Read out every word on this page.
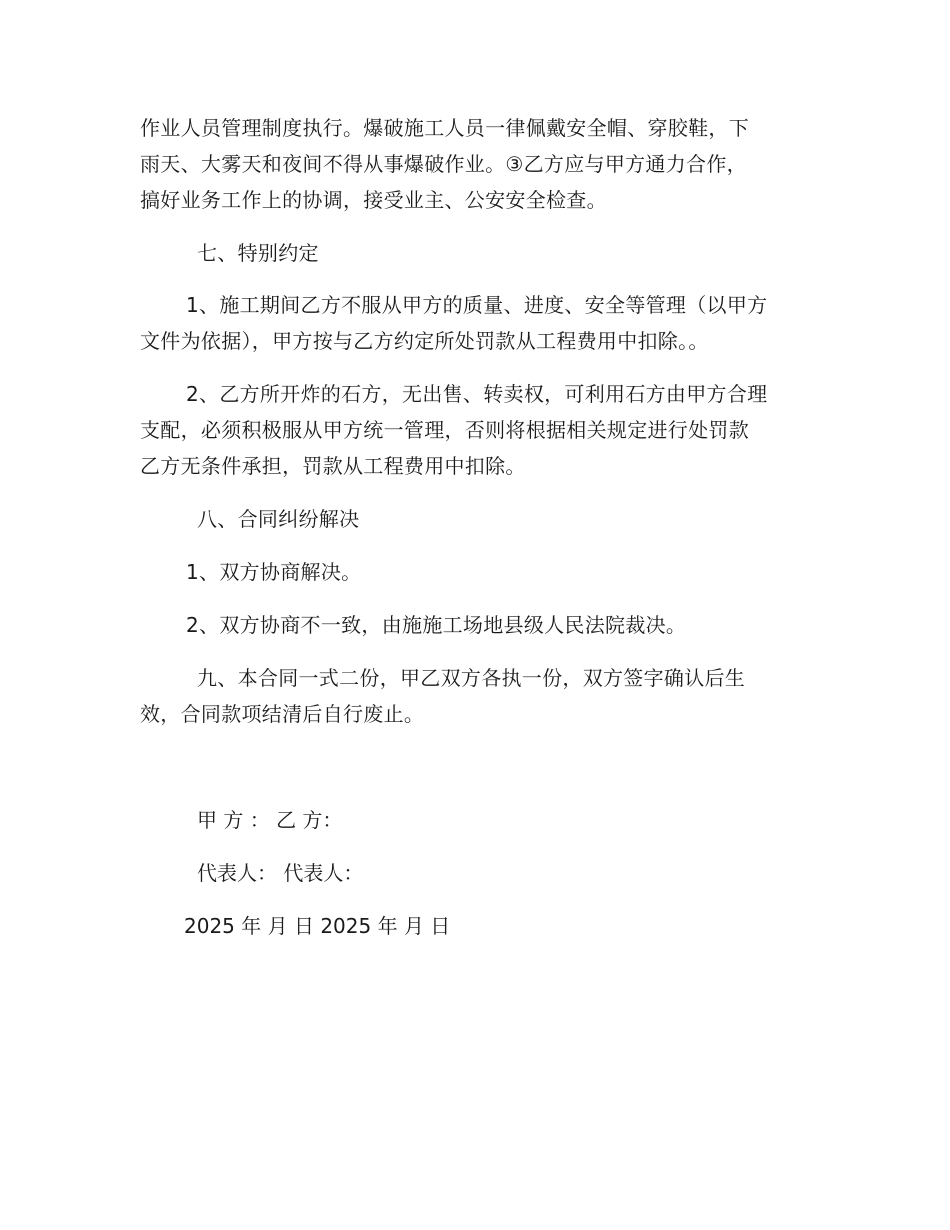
作业人员管理制度执行。爆破施工人员一律佩戴安全帽、穿胶鞋，下
雨天、大雾天和夜间不得从事爆破作业。③乙方应与甲方通力合作，
搞好业务工作上的协调，接受业主、公安安全检查。
七、特别约定
1、施工期间乙方不服从甲方的质量、进度、安全等管理（以甲方
文件为依据），甲方按与乙方约定所处罚款从工程费用中扣除。。
2、乙方所开炸的石方，无出售、转卖权，可利用石方由甲方合理
支配，必须积极服从甲方统一管理，否则将根据相关规定进行处罚款
乙方无条件承担，罚款从工程费用中扣除。
八、合同纠纷解决
1、双方协商解决。
2、双方协商不一致，由施施工场地县级人民法院裁决。
九、本合同一式二份，甲乙双方各执一份，双方签字确认后生
效，合同款项结清后自行废止。
甲 方 ： 乙 方：
代表人： 代表人：
2025 年 月 日 2025 年 月 日
